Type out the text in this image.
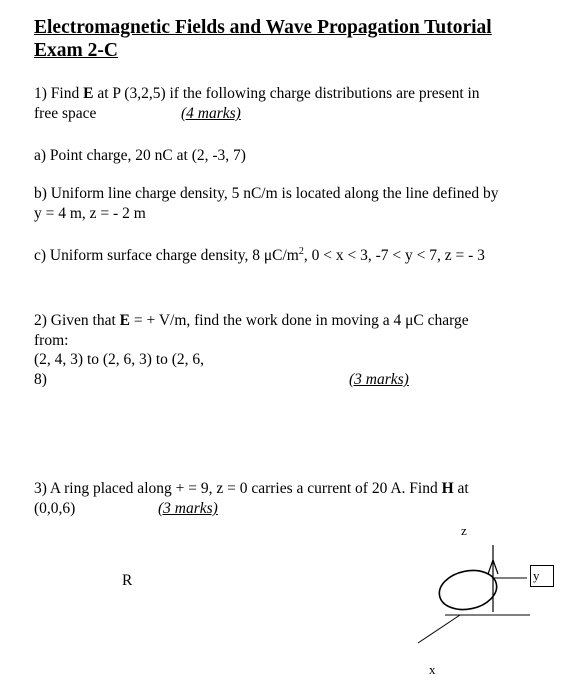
Electromagnetic Fields and Wave Propagation Tutorial
Exam 2-C
1) Find E at P (3,2,5) if the following charge distributions are present in
free space	(4 marks)
a) Point charge, 20 nC at (2, -3, 7)
b) Uniform line charge density, 5 nC/m is located along the line defined by
y = 4 m, z = - 2 m
c) Uniform surface charge density, 8 $\mu C/m^2$, 0 < x < 3, -7 < y < 7, z = - 3
2) Given that E = + V/m, find the work done in moving a 4 μC charge
from:
(2, 4, 3) to (2, 6, 3) to (2, 6,
8)	(3 marks)
3) A ring placed along + = 9, z = 0 carries a current of 20 A. Find H at
(0,0,6)	(3 marks)
R
z
y
x
